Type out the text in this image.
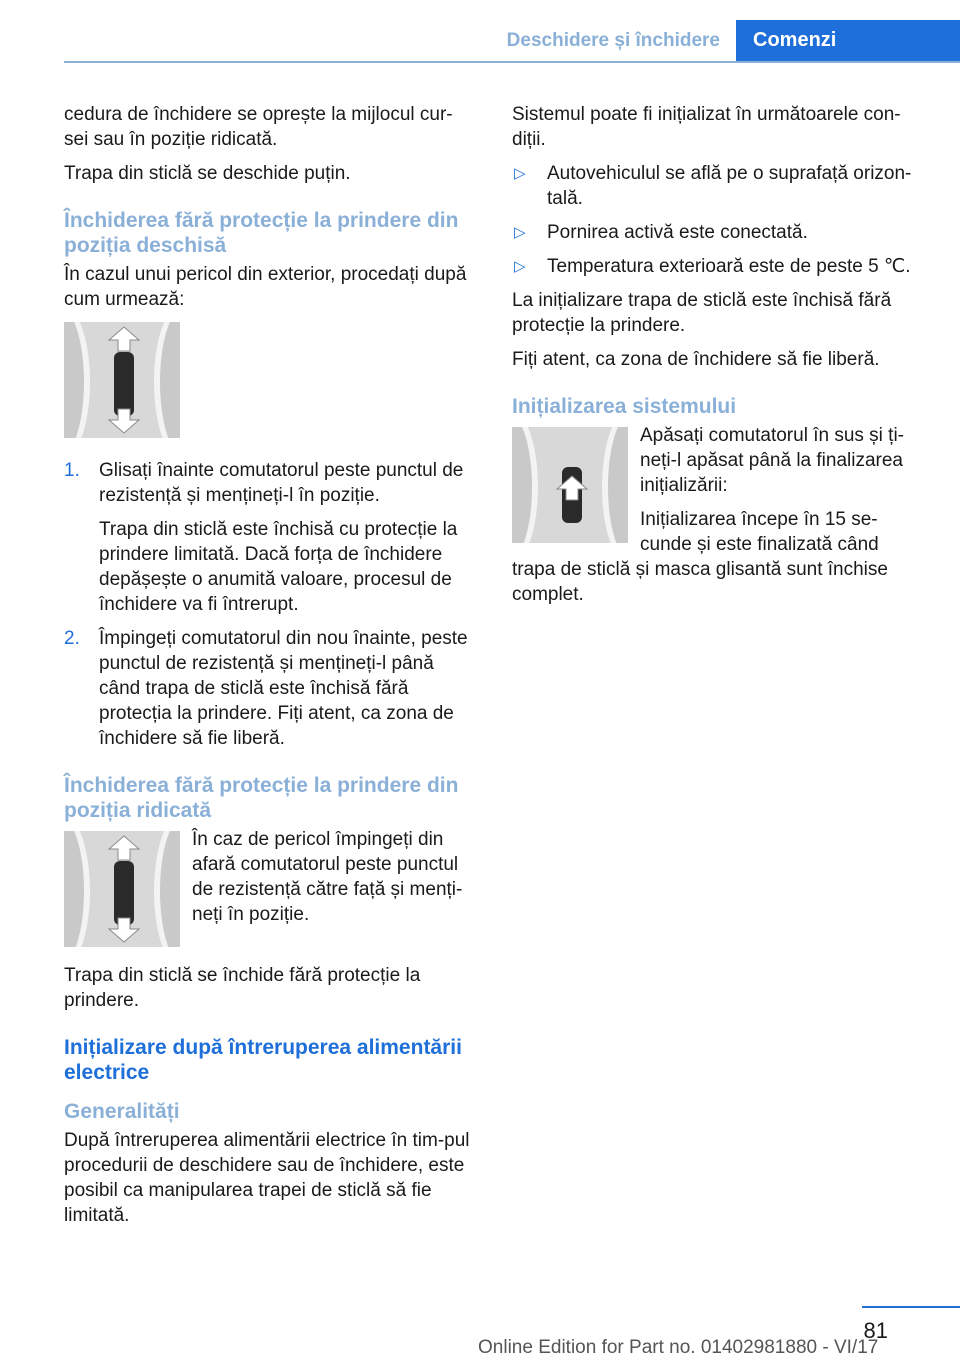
Deschidere și închidere	Comenzi

cedura de închidere se oprește la mijlocul cur‐sei sau în poziție ridicată.

Trapa din sticlă se deschide puțin.

Închiderea fără protecție la prindere din poziția deschisă

În cazul unui pericol din exterior, procedați după cum urmează:

1. Glisați înainte comutatorul peste punctul de rezistență și mențineți-l în poziție.

Trapa din sticlă este închisă cu protecție la prindere limitată. Dacă forța de închidere depășește o anumită valoare, procesul de închidere va fi întrerupt.

2. Împingeți comutatorul din nou înainte, peste punctul de rezistență și mențineți-l până când trapa de sticlă este închisă fără protecția la prindere. Fiți atent, ca zona de închidere să fie liberă.

Închiderea fără protecție la prindere din poziția ridicată

În caz de pericol împingeți din afară comutatorul peste punctul de rezistență către față și menți‐neți în poziție.

Trapa din sticlă se închide fără protecție la prindere.

Inițializare după întreruperea alimentării electrice
Generalități

După întreruperea alimentării electrice în tim‐pul procedurii de deschidere sau de închidere, este posibil ca manipularea trapei de sticlă să fie limitată.

Sistemul poate fi inițializat în următoarele con‐diții.

▷ Autovehiculul se află pe o suprafață orizon‐tală.
▷ Pornirea activă este conectată.
▷ Temperatura exterioară este de peste 5 ℃.

La inițializare trapa de sticlă este închisă fără protecție la prindere.

Fiți atent, ca zona de închidere să fie liberă.

Inițializarea sistemului

Apăsați comutatorul în sus și ți‐neți-l apăsat până la finalizarea inițializării:

Inițializarea începe în 15 se‐cunde și este finalizată când trapa de sticlă și masca glisantă sunt închise complet.

81
Online Edition for Part no. 01402981880 - VI/17
